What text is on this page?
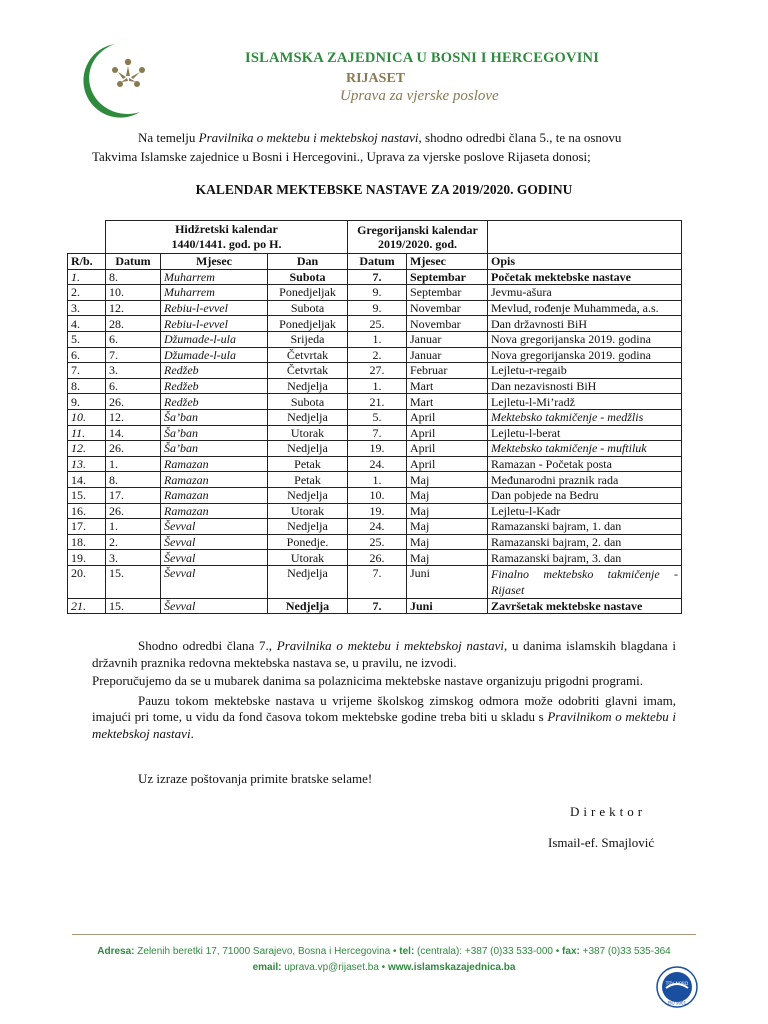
ISLAMSKA ZAJEDNICA U BOSNI I HERCEGOVINI
RIJASET
Uprava za vjerske poslove

Na temelju Pravilnika o mektebu i mektebskoj nastavi, shodno odredbi člana 5., te na osnovu Takvima Islamske zajednice u Bosni i Hercegovini., Uprava za vjerske poslove Rijaseta donosi;

KALENDAR MEKTEBSKE NASTAVE ZA 2019/2020. GODINU
	Hidžretski kalendar
1440/1441. god. po H.			Gregorijanski kalendar
2019/2020. god.		
R/b.	Datum	Mjesec	Dan	Datum	Mjesec	Opis
1.	8.	Muharrem	Subota	7.	Septembar	Početak mektebske nastave
2.	10.	Muharrem	Ponedjeljak	9.	Septembar	Jevmu-ašura
3.	12.	Rebiu-l-evvel	Subota	9.	Novembar	Mevlud, rođenje Muhammeda, a.s.
4.	28.	Rebiu-l-evvel	Ponedjeljak	25.	Novembar	Dan državnosti BiH
5.	6.	Džumade-l-ula	Srijeda	1.	Januar	Nova gregorijanska 2019. godina
6.	7.	Džumade-l-ula	Četvrtak	2.	Januar	Nova gregorijanska 2019. godina
7.	3.	Redžeb	Četvrtak	27.	Februar	Lejletu-r-regaib
8.	6.	Redžeb	Nedjelja	1.	Mart	Dan nezavisnosti BiH
9.	26.	Redžeb	Subota	21.	Mart	Lejletu-l-Mi’radž
10.	12.	Ša’ban	Nedjelja	5.	April	Mektebsko takmičenje - medžlis
11.	14.	Ša’ban	Utorak	7.	April	Lejletu-l-berat
12.	26.	Ša’ban	Nedjelja	19.	April	Mektebsko takmičenje - muftiluk
13.	1.	Ramazan	Petak	24.	April	Ramazan - Početak posta
14.	8.	Ramazan	Petak	1.	Maj	Međunarodni praznik rada
15.	17.	Ramazan	Nedjelja	10.	Maj	Dan pobjede na Bedru
16.	26.	Ramazan	Utorak	19.	Maj	Lejletu-l-Kadr
17.	1.	Ševval	Nedjelja	24.	Maj	Ramazanski bajram, 1. dan
18.	2.	Ševval	Ponedje.	25.	Maj	Ramazanski bajram, 2. dan
19.	3.	Ševval	Utorak	26.	Maj	Ramazanski bajram, 3. dan
20.	15.	Ševval	Nedjelja	7.	Juni	Finalno mektebsko takmičenje -
Rijaset

21.	15.	Ševval	Nedjelja	7.	Juni	Završetak mektebske nastave

Shodno odredbi člana 7., Pravilnika o mektebu i mektebskoj nastavi, u danima islamskih blagdana i državnih praznika redovna mektebska nastava se, u pravilu, ne izvodi.

Preporučujemo da se u mubarek danima sa polaznicima mektebske nastave organizuju prigodni programi.

Pauzu tokom mektebske nastava u vrijeme školskog zimskog odmora može odobriti glavni imam, imajući pri tome, u vidu da fond časova tokom mektebske godine treba biti u skladu s Pravilnikom o mektebu i mektebskoj nastavi.

Uz izraze poštovanja primite bratske selame!
Direktor
Ismail-ef. Smajlović
Adresa: Zelenih beretki 17, 71000 Sarajevo, Bosna i Hercegovina • tel: (centrala): +387 (0)33 533-000 • fax: +387 (0)33 535-364
email: uprava.vp@rijaset.ba • www.islamskazajednica.ba
TÜV NORD
ISO 9001
